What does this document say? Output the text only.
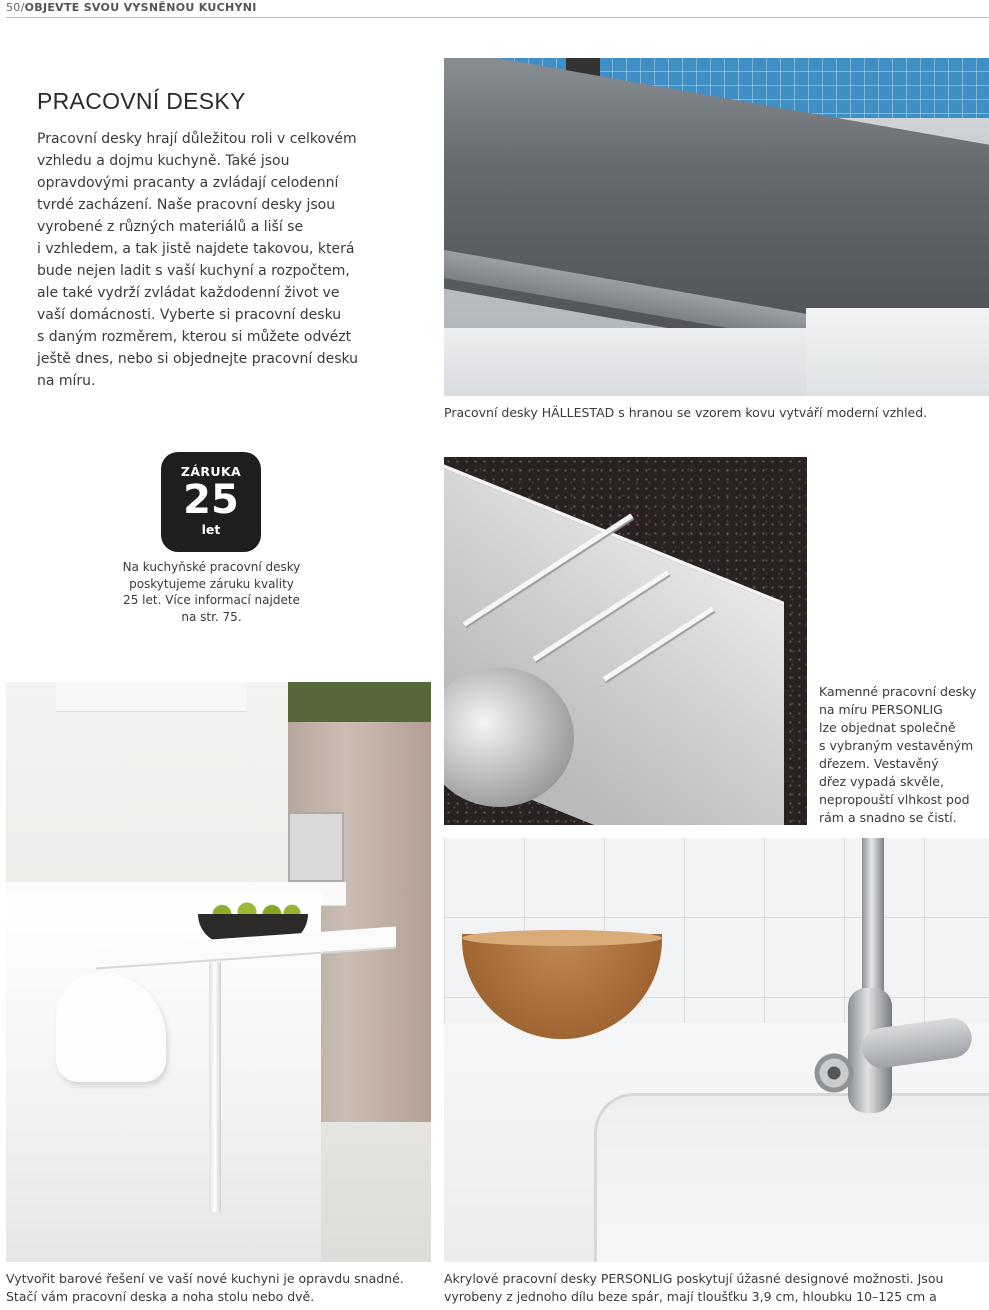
50/OBJEVTE SVOU VYSNĚNOU KUCHYNI
PRACOVNÍ DESKY

Pracovní desky hrají důležitou roli v celkovém
vzhledu a dojmu kuchyně. Také jsou
opravdovými pracanty a zvládají celodenní
tvrdé zacházení. Naše pracovní desky jsou
vyrobené z různých materiálů a liší se
i vzhledem, a tak jistě najdete takovou, která
bude nejen ladit s vaší kuchyní a rozpočtem,
ale také vydrží zvládat každodenní život ve
vaší domácnosti. Vyberte si pracovní desku
s daným rozměrem, kterou si můžete odvézt
ještě dnes, nebo si objednejte pracovní desku
na míru.

Pracovní desky HÄLLESTAD s hranou se vzorem kovu vytváří moderní vzhled.

ZÁRUKA
25
let

Na kuchyňské pracovní desky
poskytujeme záruku kvality
25 let. Více informací najdete
na str. 75.

Kamenné pracovní desky
na míru PERSONLIG
lze objednat společně
s vybraným vestavěným
dřezem. Vestavěný
dřez vypadá skvěle,
nepropouští vlhkost pod
rám a snadno se čistí.

Vytvořit barové řešení ve vaší nové kuchyni je opravdu snadné.
Stačí vám pracovní deska a noha stolu nebo dvě.

Akrylové pracovní desky PERSONLIG poskytují úžasné designové možnosti. Jsou
vyrobeny z jednoho dílu beze spár, mají tloušťku 3,9 cm, hloubku 10–125 cm a
